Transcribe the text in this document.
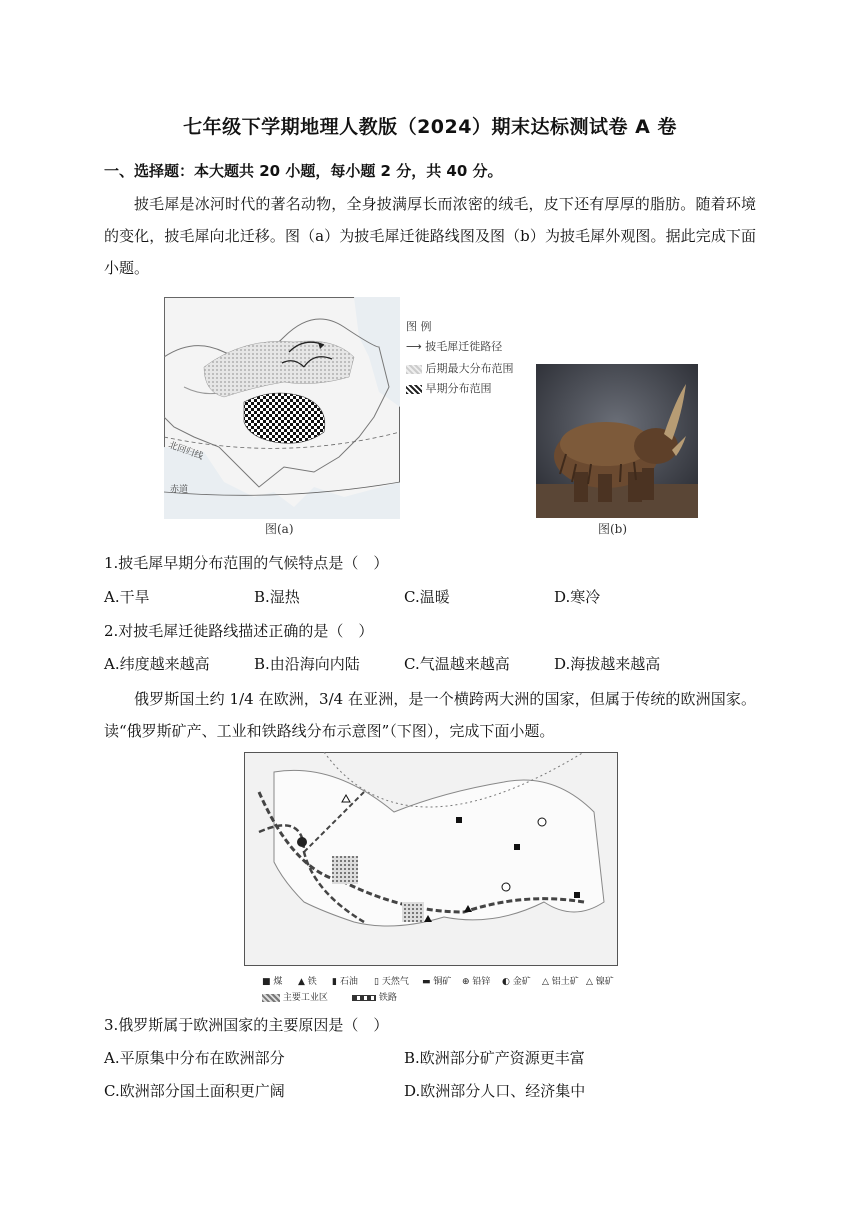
七年级下学期地理人教版（2024）期末达标测试卷 A 卷
一、选择题：本大题共 20 小题，每小题 2 分，共 40 分。
披毛犀是冰河时代的著名动物，全身披满厚长而浓密的绒毛，皮下还有厚厚的脂肪。随着环境的变化，披毛犀向北迁移。图（a）为披毛犀迁徙路线图及图（b）为披毛犀外观图。据此完成下面小题。
北回归线
赤道
图(a)
图 例
⟶ 披毛犀迁徙路径
后期最大分布范围
早期分布范围
图(b)
1.披毛犀早期分布范围的气候特点是（　）
A.干旱	B.湿热	C.温暖	D.寒冷
2.对披毛犀迁徙路线描述正确的是（　）
A.纬度越来越高	B.由沿海向内陆	C.气温越来越高	D.海拔越来越高
俄罗斯国土约 1/4 在欧洲，3/4 在亚洲，是一个横跨两大洲的国家，但属于传统的欧洲国家。读“俄罗斯矿产、工业和铁路线分布示意图”（下图），完成下面小题。
■ 煤 ▲ 铁 ▮ 石油 ▯ 天然气 ▬ 铜矿 ⊕ 铅锌 ◐ 金矿 △ 铝土矿 △ 镍矿
主要工业区	铁路
3.俄罗斯属于欧洲国家的主要原因是（　）
A.平原集中分布在欧洲部分	B.欧洲部分矿产资源更丰富
C.欧洲部分国土面积更广阔	D.欧洲部分人口、经济集中
